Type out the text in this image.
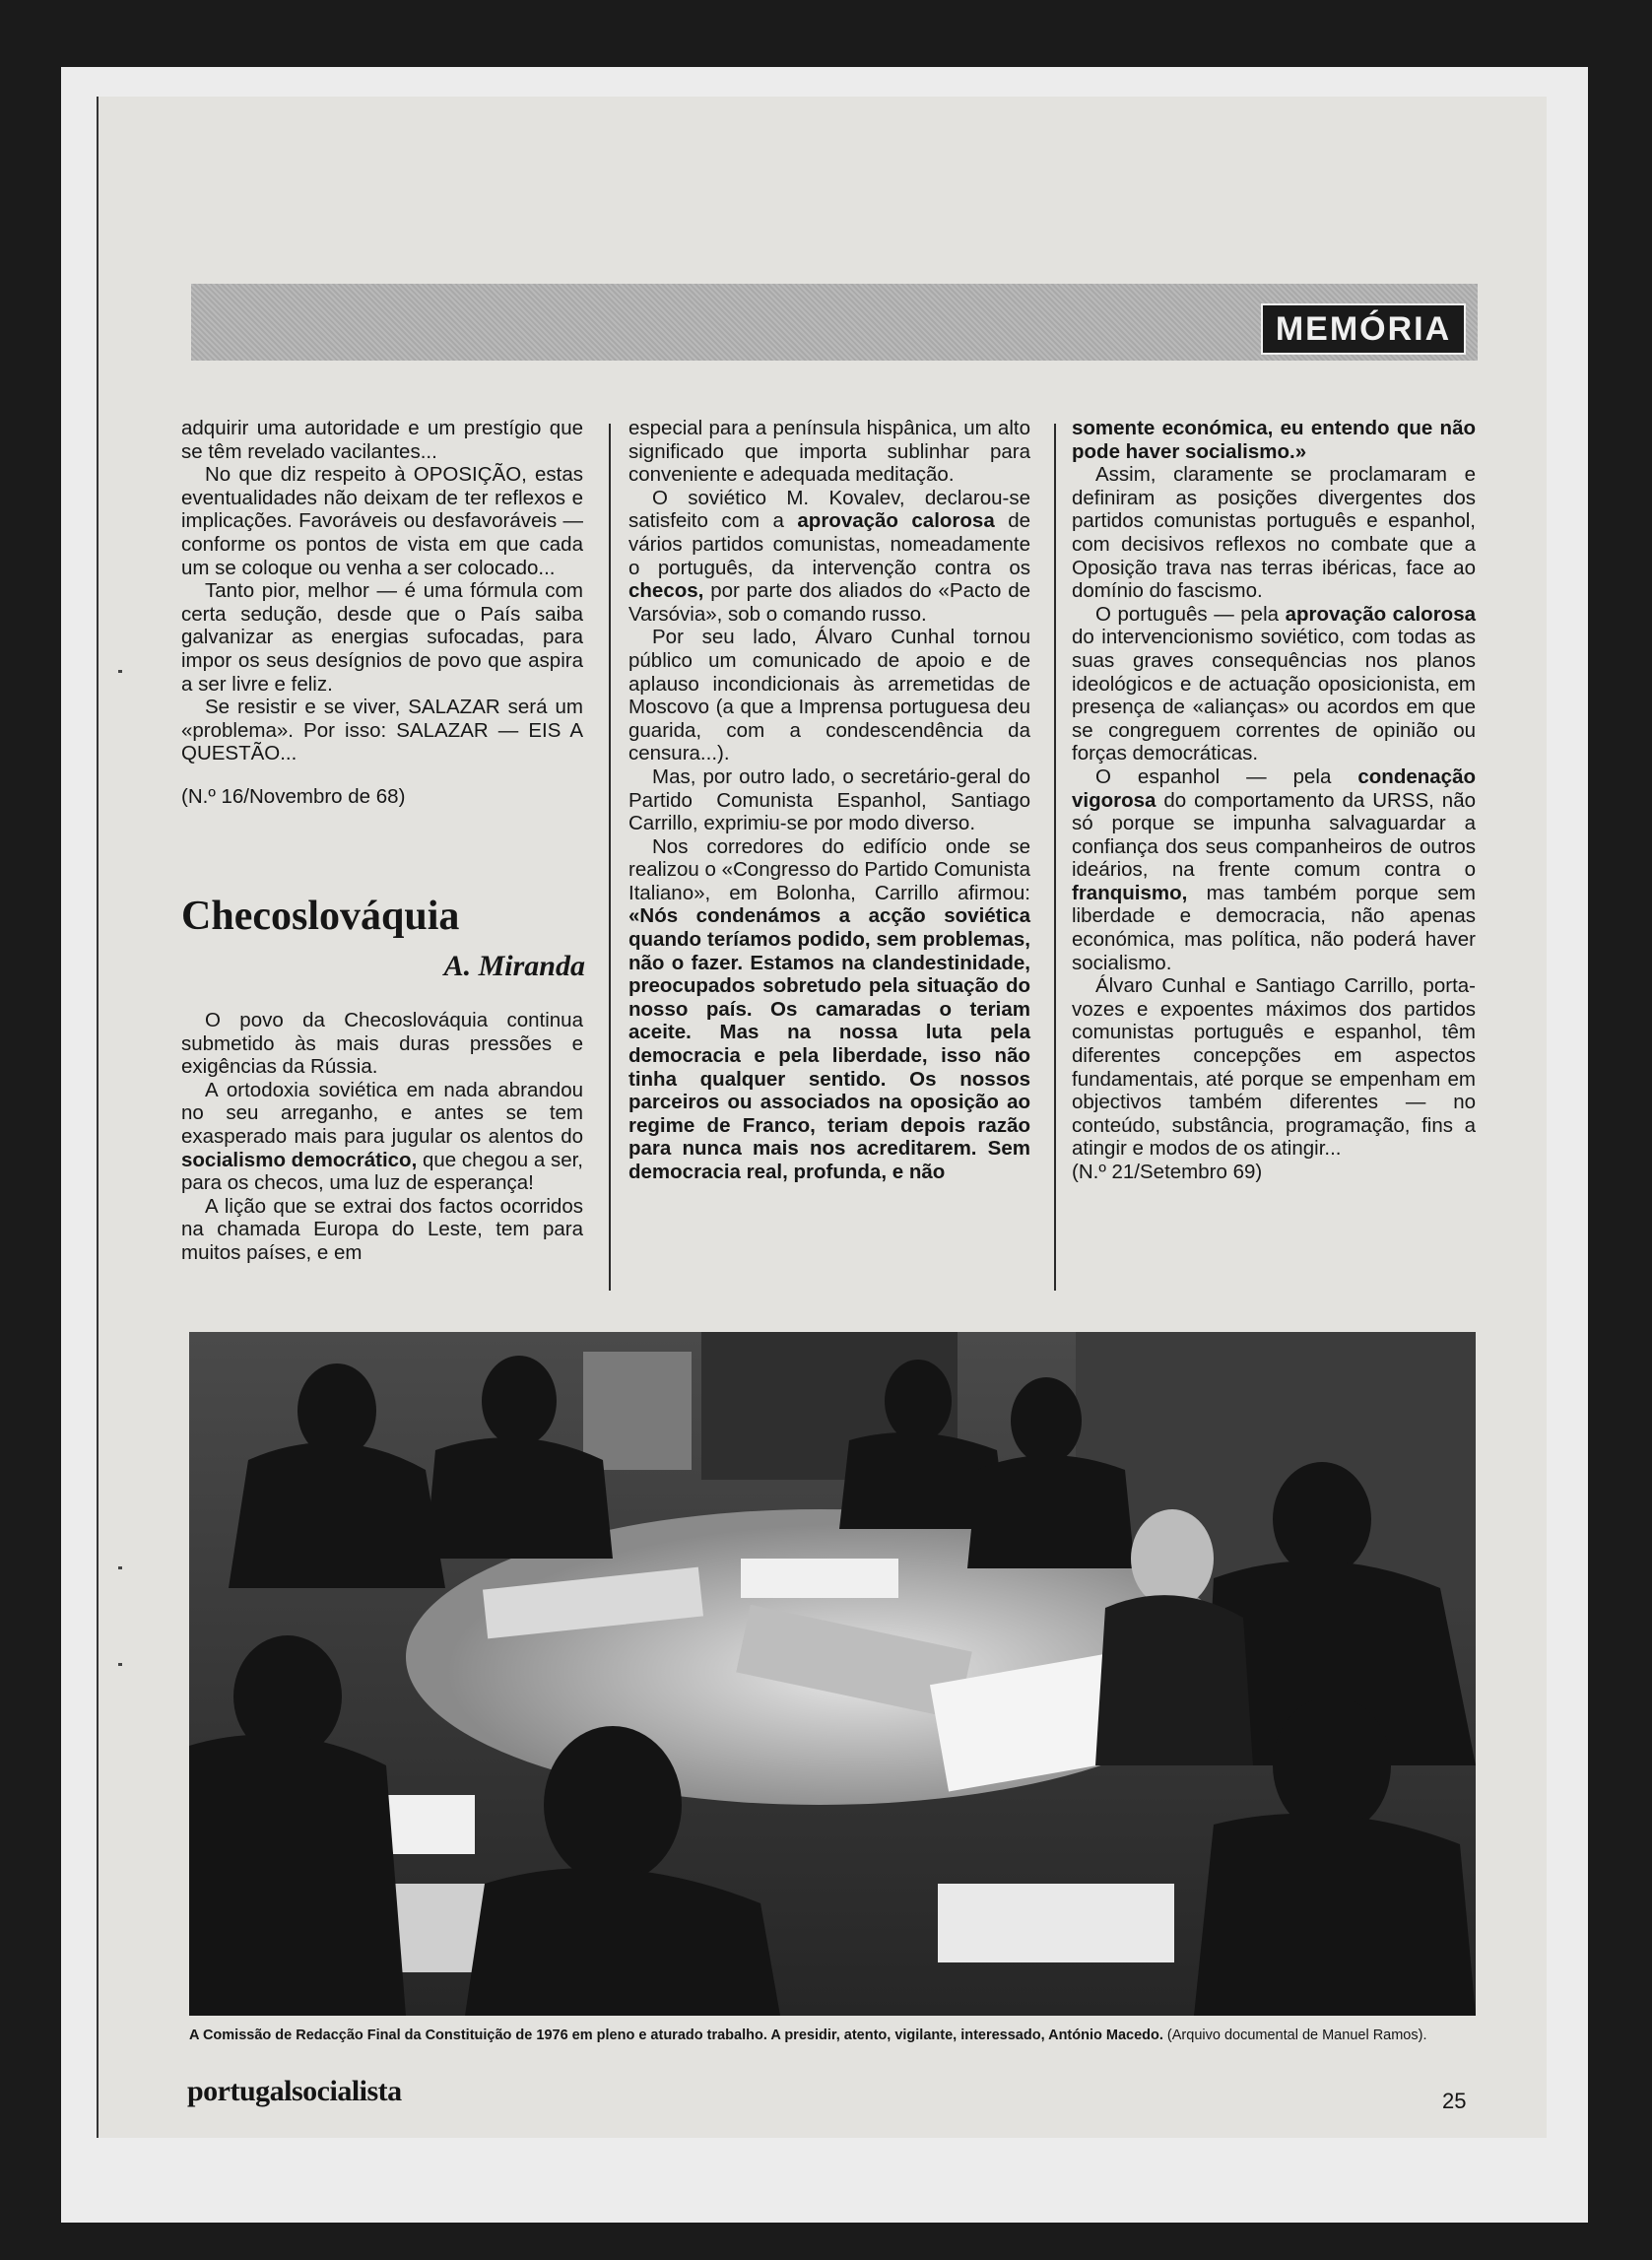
MEMÓRIA

adquirir uma autoridade e um prestígio que se têm revelado vacilantes...

No que diz respeito à OPOSIÇÃO, estas eventualidades não deixam de ter reflexos e implicações. Favoráveis ou desfavoráveis — conforme os pontos de vista em que cada um se coloque ou venha a ser colocado...

Tanto pior, melhor — é uma fórmula com certa sedução, desde que o País saiba galvanizar as energias sufocadas, para impor os seus desígnios de povo que aspira a ser livre e feliz.

Se resistir e se viver, SALAZAR será um «problema». Por isso: SALAZAR — EIS A QUESTÃO...

(N.º 16/Novembro de 68)

Checoslováquia
A. Miranda

O povo da Checoslováquia continua submetido às mais duras pressões e exigências da Rússia.

A ortodoxia soviética em nada abrandou no seu arreganho, e antes se tem exasperado mais para jugular os alentos do socialismo democrático, que chegou a ser, para os checos, uma luz de esperança!

A lição que se extrai dos factos ocorridos na chamada Europa do Leste, tem para muitos países, e em

especial para a península hispânica, um alto significado que importa sublinhar para conveniente e adequada meditação.

O soviético M. Kovalev, declarou-se satisfeito com a aprovação calorosa de vários partidos comunistas, nomeadamente o português, da intervenção contra os checos, por parte dos aliados do «Pacto de Varsóvia», sob o comando russo.

Por seu lado, Álvaro Cunhal tornou público um comunicado de apoio e de aplauso incondicionais às arremetidas de Moscovo (a que a Imprensa portuguesa deu guarida, com a condescendência da censura...).

Mas, por outro lado, o secretário-geral do Partido Comunista Espanhol, Santiago Carrillo, exprimiu-se por modo diverso.

Nos corredores do edifício onde se realizou o «Congresso do Partido Comunista Italiano», em Bolonha, Carrillo afirmou: «Nós condenámos a acção soviética quando teríamos podido, sem problemas, não o fazer. Estamos na clandestinidade, preocupados sobretudo pela situação do nosso país. Os camaradas o teriam aceite. Mas na nossa luta pela democracia e pela liberdade, isso não tinha qualquer sentido. Os nossos parceiros ou associados na oposição ao regime de Franco, teriam depois razão para nunca mais nos acreditarem. Sem democracia real, profunda, e não

somente económica, eu entendo que não pode haver socialismo.»

Assim, claramente se proclamaram e definiram as posições divergentes dos partidos comunistas português e espanhol, com decisivos reflexos no combate que a Oposição trava nas terras ibéricas, face ao domínio do fascismo.

O português — pela aprovação calorosa do intervencionismo soviético, com todas as suas graves consequências nos planos ideológicos e de actuação oposicionista, em presença de «alianças» ou acordos em que se congreguem correntes de opinião ou forças democráticas.

O espanhol — pela condenação vigorosa do comportamento da URSS, não só porque se impunha salvaguardar a confiança dos seus companheiros de outros ideários, na frente comum contra o franquismo, mas também porque sem liberdade e democracia, não apenas económica, mas política, não poderá haver socialismo.

Álvaro Cunhal e Santiago Carrillo, porta-vozes e expoentes máximos dos partidos comunistas português e espanhol, têm diferentes concepções em aspectos fundamentais, até porque se empenham em objectivos também diferentes — no conteúdo, substância, programação, fins a atingir e modos de os atingir...

(N.º 21/Setembro 69)

A Comissão de Redacção Final da Constituição de 1976 em pleno e aturado trabalho. A presidir, atento, vigilante, interessado, António Macedo. (Arquivo documental de Manuel Ramos).
portugalsocialista	25
